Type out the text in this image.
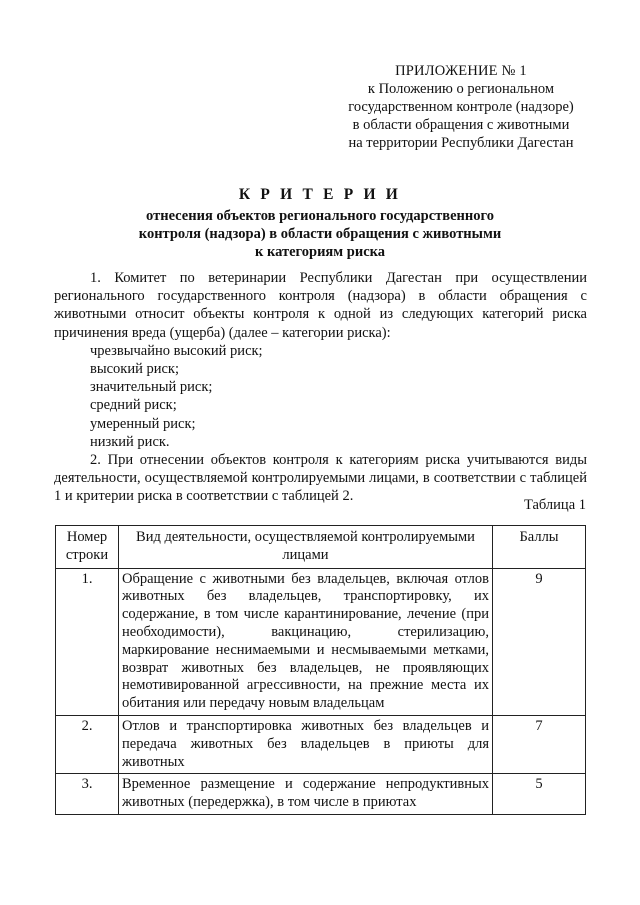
ПРИЛОЖЕНИЕ № 1
к Положению о региональном
государственном контроле (надзоре)
в области обращения с животными
на территории Республики Дагестан
К Р И Т Е Р И И
отнесения объектов регионального государственного
контроля (надзора) в области обращения с животными
к категориям риска

1. Комитет по ветеринарии Республики Дагестан при осуществлении регионального государственного контроля (надзора) в области обращения с животными относит объекты контроля к одной из следующих категорий риска причинения вреда (ущерба) (далее – категории риска):

чрезвычайно высокий риск;

высокий риск;

значительный риск;

средний риск;

умеренный риск;

низкий риск.

2. При отнесении объектов контроля к категориям риска учитываются виды деятельности, осуществляемой контролируемыми лицами, в соответствии с таблицей 1 и критерии риска в соответствии с таблицей 2.

Таблица 1
Номер строки	Вид деятельности, осуществляемой контролируемыми лицами	Баллы
1.	Обращение с животными без владельцев, включая отлов животных без владельцев, транспортировку, их содержание, в том числе карантинирование, лечение (при необходимости), вакцинацию, стерилизацию, маркирование неснимаемыми и несмываемыми метками, возврат животных без владельцев, не проявляющих немотивированной агрессивности, на прежние места их обитания или передачу новым владельцам	9
2.	Отлов и транспортировка животных без владельцев и передача животных без владельцев в приюты для животных	7
3.	Временное размещение и содержание непродуктивных животных (передержка), в том числе в приютах	5
